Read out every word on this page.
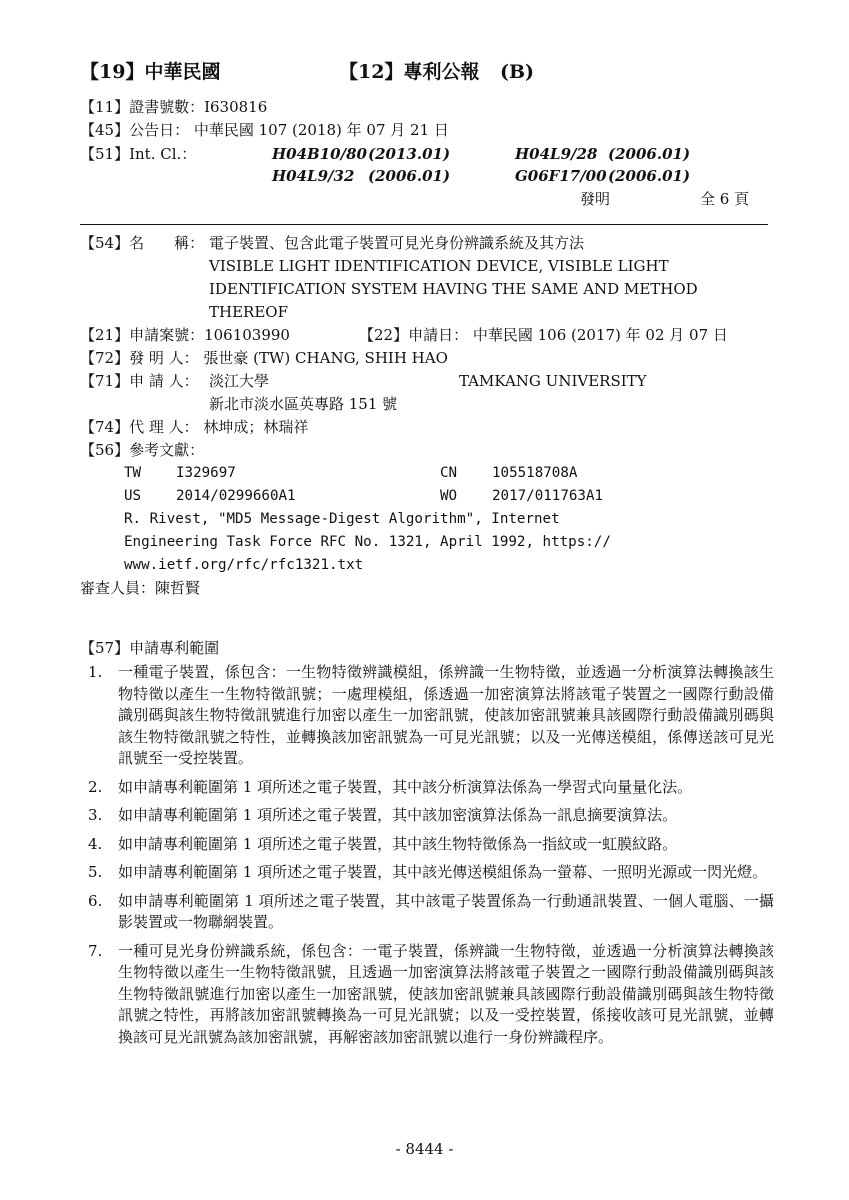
【19】中華民國	【12】專利公報 (B)
【11】證書號數：I630816
【45】公告日： 中華民國 107 (2018) 年 07 月 21 日
【51】Int. Cl.：	H04B10/80 (2013.01)	H04L9/28 (2006.01)
H04L9/32 (2006.01)	G06F17/00 (2006.01)
發明	全 6 頁
【54】名　　稱： 電子裝置、包含此電子裝置可見光身份辨識系統及其方法
VISIBLE LIGHT IDENTIFICATION DEVICE, VISIBLE LIGHT
IDENTIFICATION SYSTEM HAVING THE SAME AND METHOD
THEREOF
【21】申請案號：106103990	【22】申請日： 中華民國 106 (2017) 年 02 月 07 日
【72】發 明 人： 張世豪 (TW) CHANG, SHIH HAO
【71】申 請 人： 淡江大學	TAMKANG UNIVERSITY
新北市淡水區英專路 151 號
【74】代 理 人： 林坤成；林瑞祥
【56】參考文獻：
TW I329697	CN 105518708A
US 2014/0299660A1	WO 2017/011763A1
R. Rivest, "MD5 Message-Digest Algorithm", Internet
Engineering Task Force RFC No. 1321, April 1992, https://
www.ietf.org/rfc/rfc1321.txt
審查人員：陳哲賢
【57】申請專利範圍
1.	一種電子裝置，係包含：一生物特徵辨識模組，係辨識一生物特徵，並透過一分析演算法轉換該生物特徵以產生一生物特徵訊號；一處理模組，係透過一加密演算法將該電子裝置之一國際行動設備識別碼與該生物特徵訊號進行加密以產生一加密訊號，使該加密訊號兼具該國際行動設備識別碼與該生物特徵訊號之特性，並轉換該加密訊號為一可見光訊號；以及一光傳送模組，係傳送該可見光訊號至一受控裝置。
2.	如申請專利範圍第 1 項所述之電子裝置，其中該分析演算法係為一學習式向量量化法。
3.	如申請專利範圍第 1 項所述之電子裝置，其中該加密演算法係為一訊息摘要演算法。
4.	如申請專利範圍第 1 項所述之電子裝置，其中該生物特徵係為一指紋或一虹膜紋路。
5.	如申請專利範圍第 1 項所述之電子裝置，其中該光傳送模組係為一螢幕、一照明光源或一閃光燈。
6.	如申請專利範圍第 1 項所述之電子裝置，其中該電子裝置係為一行動通訊裝置、一個人電腦、一攝影裝置或一物聯網裝置。
7.	一種可見光身份辨識系統，係包含：一電子裝置，係辨識一生物特徵，並透過一分析演算法轉換該生物特徵以產生一生物特徵訊號，且透過一加密演算法將該電子裝置之一國際行動設備識別碼與該生物特徵訊號進行加密以產生一加密訊號，使該加密訊號兼具該國際行動設備識別碼與該生物特徵訊號之特性，再將該加密訊號轉換為一可見光訊號；以及一受控裝置，係接收該可見光訊號，並轉換該可見光訊號為該加密訊號，再解密該加密訊號以進行一身份辨識程序。
- 8444 -
